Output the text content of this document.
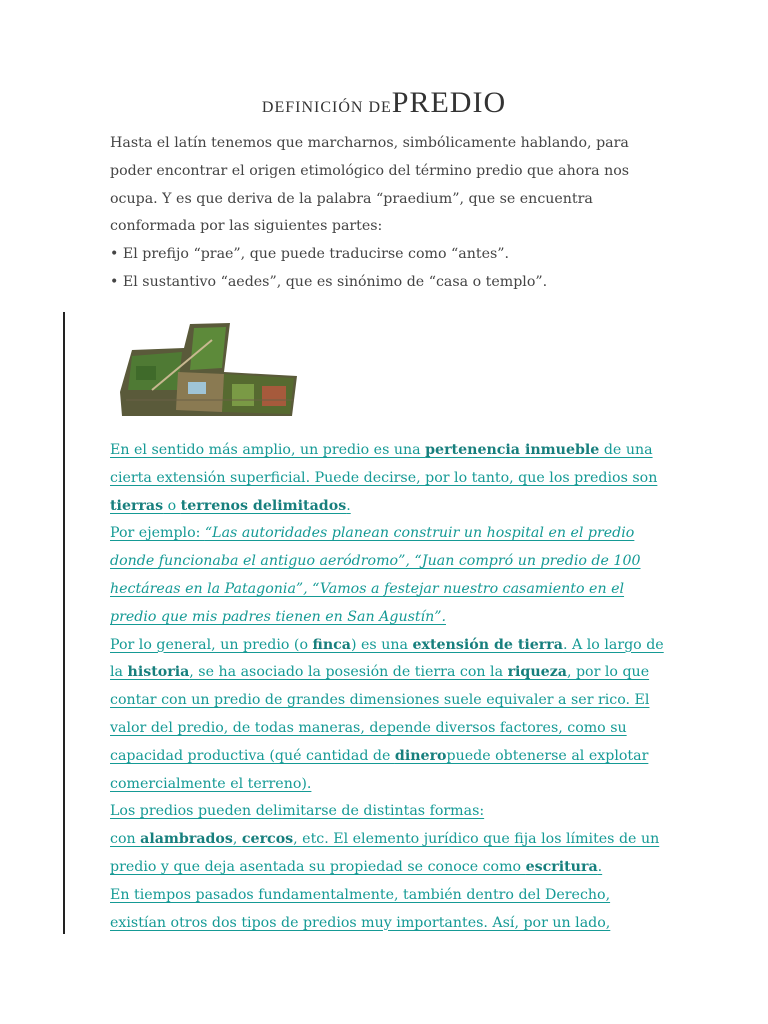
DEFINICIÓN DEPREDIO

Hasta el latín tenemos que marcharnos, simbólicamente hablando, para poder encontrar el origen etimológico del término predio que ahora nos ocupa. Y es que deriva de la palabra “praedium”, que se encuentra conformada por las siguientes partes:

• El prefijo “prae”, que puede traducirse como “antes”.

• El sustantivo “aedes”, que es sinónimo de “casa o templo”.

En el sentido más amplio, un predio es una pertenencia inmueble de una cierta extensión superficial. Puede decirse, por lo tanto, que los predios son tierras o terrenos delimitados.

Por ejemplo: “Las autoridades planean construir un hospital en el predio donde funcionaba el antiguo aeródromo”, “Juan compró un predio de 100 hectáreas en la Patagonia”, “Vamos a festejar nuestro casamiento en el predio que mis padres tienen en San Agustín”.

Por lo general, un predio (o finca) es una extensión de tierra. A lo largo de la historia, se ha asociado la posesión de tierra con la riqueza, por lo que contar con un predio de grandes dimensiones suele equivaler a ser rico. El valor del predio, de todas maneras, depende diversos factores, como su capacidad productiva (qué cantidad de dineropuede obtenerse al explotar comercialmente el terreno).

Los predios pueden delimitarse de distintas formas:

con alambrados, cercos, etc. El elemento jurídico que fija los límites de un predio y que deja asentada su propiedad se conoce como escritura.

En tiempos pasados fundamentalmente, también dentro del Derecho, existían otros dos tipos de predios muy importantes. Así, por un lado,
